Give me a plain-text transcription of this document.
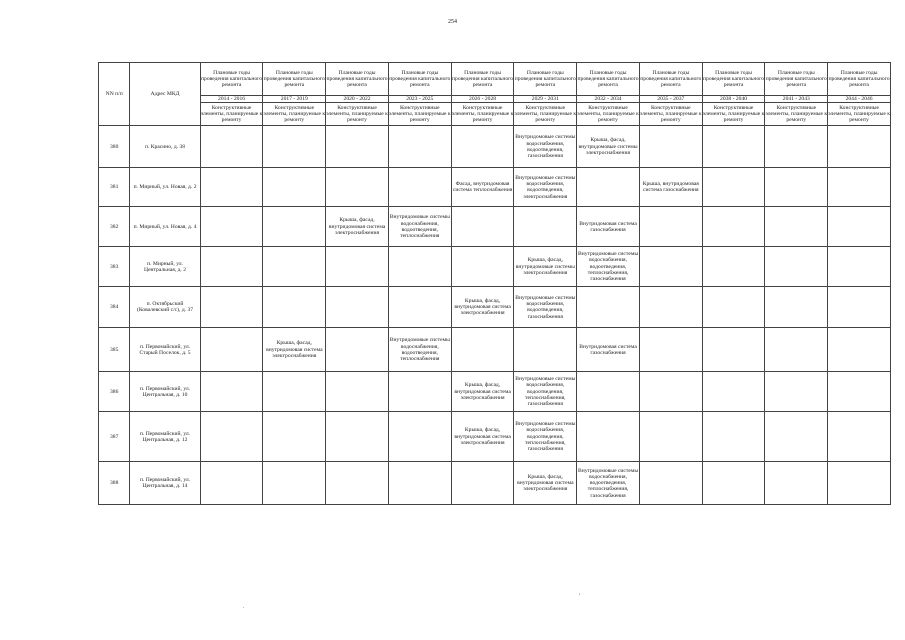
254
NN п/п	Адрес МКД	Плановые годы проведения капитального ремонта	Плановые годы проведения капитального ремонта	Плановые годы проведения капитального ремонта	Плановые годы проведения капитального ремонта	Плановые годы проведения капитального ремонта	Плановые годы проведения капитального ремонта	Плановые годы проведения капитального ремонта	Плановые годы проведения капитального ремонта	Плановые годы проведения капитального ремонта	Плановые годы проведения капитального ремонта	Плановые годы проведения капитального ремонта
		2014 - 2016	2017 - 2019	2020 - 2022	2023 - 2025	2026 - 2028	2029 - 2031	2032 - 2034	2035 - 2037	2038 - 2040	2041 - 2043	2044 - 2046
		Конструктивные элементы, планируемые к ремонту	Конструктивные элементы, планируемые к ремонту	Конструктивные элементы, планируемые к ремонту	Конструктивные элементы, планируемые к ремонту	Конструктивные элементы, планируемые к ремонту	Конструктивные элементы, планируемые к ремонту	Конструктивные элементы, планируемые к ремонту	Конструктивные элементы, планируемые к ремонту	Конструктивные элементы, планируемые к ремонту	Конструктивные элементы, планируемые к ремонту	Конструктивные элементы, планируемые к ремонту
380	п. Красино, д. 38						Внутридомовые системы водоснабжения, водоотведения, газоснабжения	Крыша, фасад, внутридомовые системы электроснабжения				
381	п. Мирный, ул. Новая, д. 2					Фасад, внутридомовая система теплоснабжения	Внутридомовые системы водоснабжения, водоотведения, электроснабжения		Крыша, внутридомовая система газоснабжения			
382	п. Мирный, ул. Новая, д. 4			Крыша, фасад, внутридомовая система электроснабжения	Внутридомовые системы водоснабжения, водоотведения, теплоснабжения			Внутридомовая система газоснабжения				
383	п. Мирный, ул. Центральная, д. 2						Крыша, фасад, внутридомовые системы электроснабжения	Внутридомовые системы водоснабжения, водоотведения, теплоснабжения, газоснабжения				
384	п. Октябрьский (Ковалевский с/с), д. 37					Крыша, фасад, внутридомовая система электроснабжения	Внутридомовые системы водоснабжения, водоотведения, газоснабжения					
385	п. Первомайский, ул. Старый Поселок, д. 5		Крыша, фасад, внутридомовая система электроснабжения		Внутридомовые системы водоснабжения, водоотведения, теплоснабжения			Внутридомовая система газоснабжения				
386	п. Первомайский, ул. Центральная, д. 10					Крыша, фасад, внутридомовая система электроснабжения	Внутридомовые системы водоснабжения, водоотведения, теплоснабжения, газоснабжения					
387	п. Первомайский, ул. Центральная, д. 12					Крыша, фасад, внутридомовая система электроснабжения	Внутридомовые системы водоснабжения, водоотведения, теплоснабжения, газоснабжения					
388	п. Первомайский, ул. Центральная, д. 14						Крыша, фасад, внутридомовая система электроснабжения	Внутридомовые системы водоснабжения, водоотведения, теплоснабжения, газоснабжения				
.
,
